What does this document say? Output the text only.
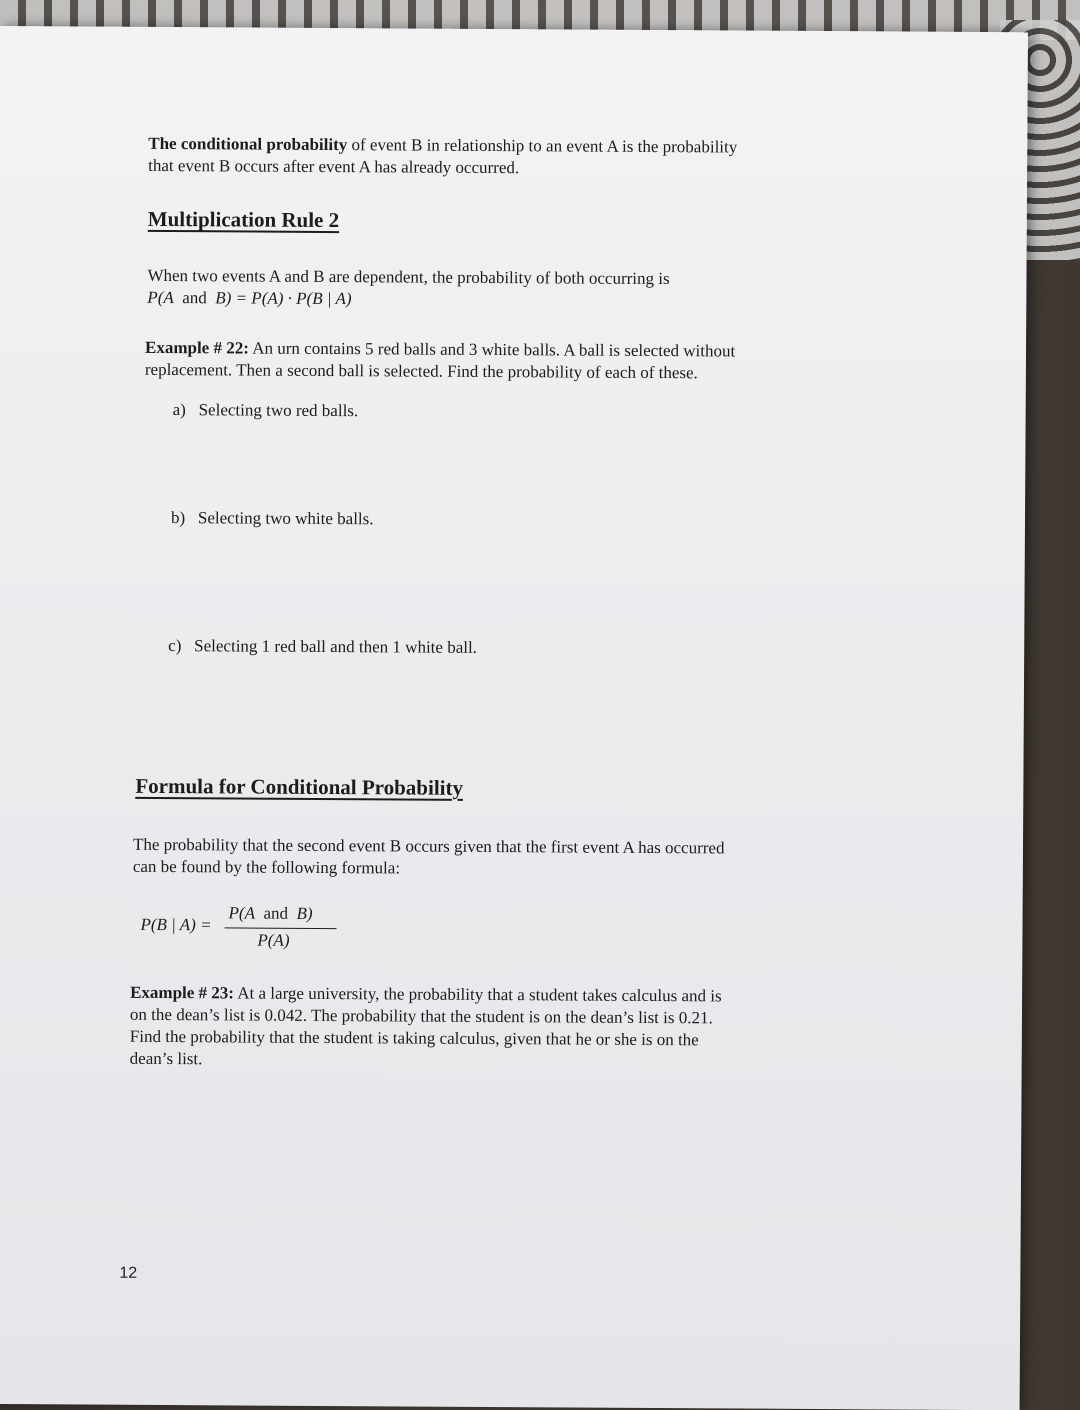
The conditional probability of event B in relationship to an event A is the probability
that event B occurs after event A has already occurred.
Multiplication Rule 2
When two events A and B are dependent, the probability of both occurring is
P(A and B) = P(A) · P(B | A)
Example # 22: An urn contains 5 red balls and 3 white balls. A ball is selected without
replacement. Then a second ball is selected. Find the probability of each of these.
a) Selecting two red balls.
b) Selecting two white balls.
c) Selecting 1 red ball and then 1 white ball.
Formula for Conditional Probability
The probability that the second event B occurs given that the first event A has occurred
can be found by the following formula:
P(B | A) =
P(A and B)
P(A)
Example # 23: At a large university, the probability that a student takes calculus and is
on the dean’s list is 0.042. The probability that the student is on the dean’s list is 0.21.
Find the probability that the student is taking calculus, given that he or she is on the
dean’s list.
12
